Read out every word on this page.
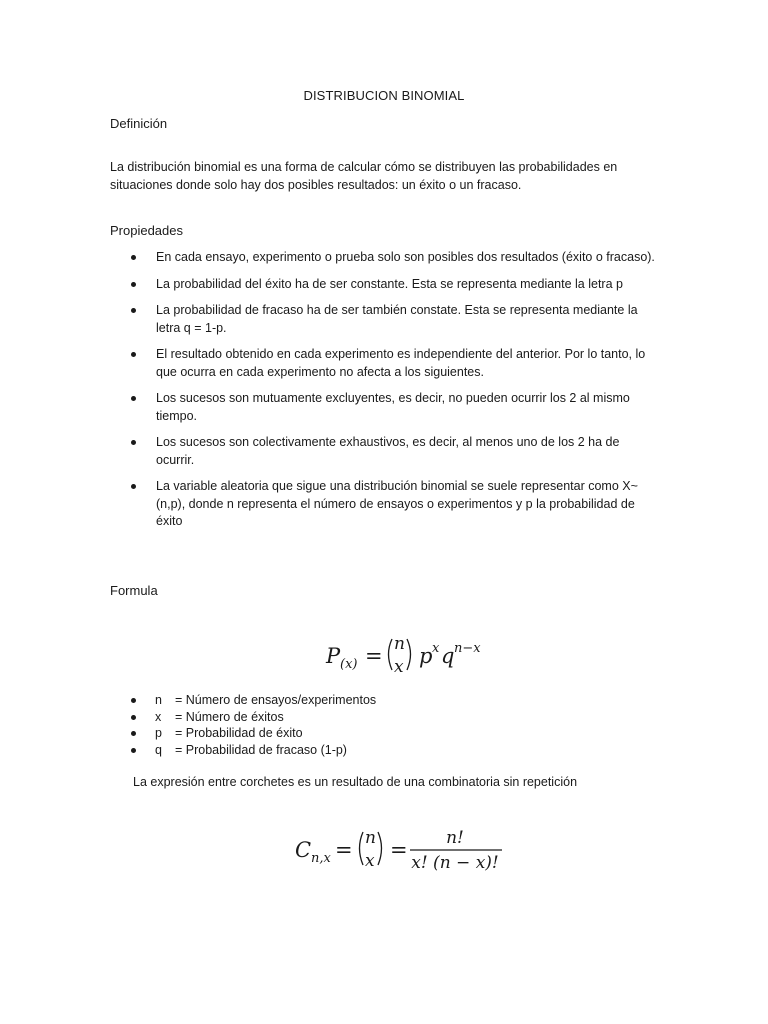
DISTRIBUCION BINOMIAL
Definición
La distribución binomial es una forma de calcular cómo se distribuyen las probabilidades en situaciones donde solo hay dos posibles resultados: un éxito o un fracaso.
Propiedades
En cada ensayo, experimento o prueba solo son posibles dos resultados (éxito o fracaso).
La probabilidad del éxito ha de ser constante. Esta se representa mediante la letra p
La probabilidad de fracaso ha de ser también constate. Esta se representa mediante la letra q = 1-p.
El resultado obtenido en cada experimento es independiente del anterior. Por lo tanto, lo que ocurra en cada experimento no afecta a los siguientes.
Los sucesos son mutuamente excluyentes, es decir, no pueden ocurrir los 2 al mismo tiempo.
Los sucesos son colectivamente exhaustivos, es decir, al menos uno de los 2 ha de ocurrir.
La variable aleatoria que sigue una distribución binomial se suele representar como X~(n,p), donde n representa el número de ensayos o experimentos y p la probabilidad de éxito
Formula
P (x) = n
x p x q n−x
n = Número de ensayos/experimentos
x = Número de éxitos
p = Probabilidad de éxito
q = Probabilidad de fracaso (1-p)
La expresión entre corchetes es un resultado de una combinatoria sin repetición
C n,x = n
x = n!
x! (n − x)!
